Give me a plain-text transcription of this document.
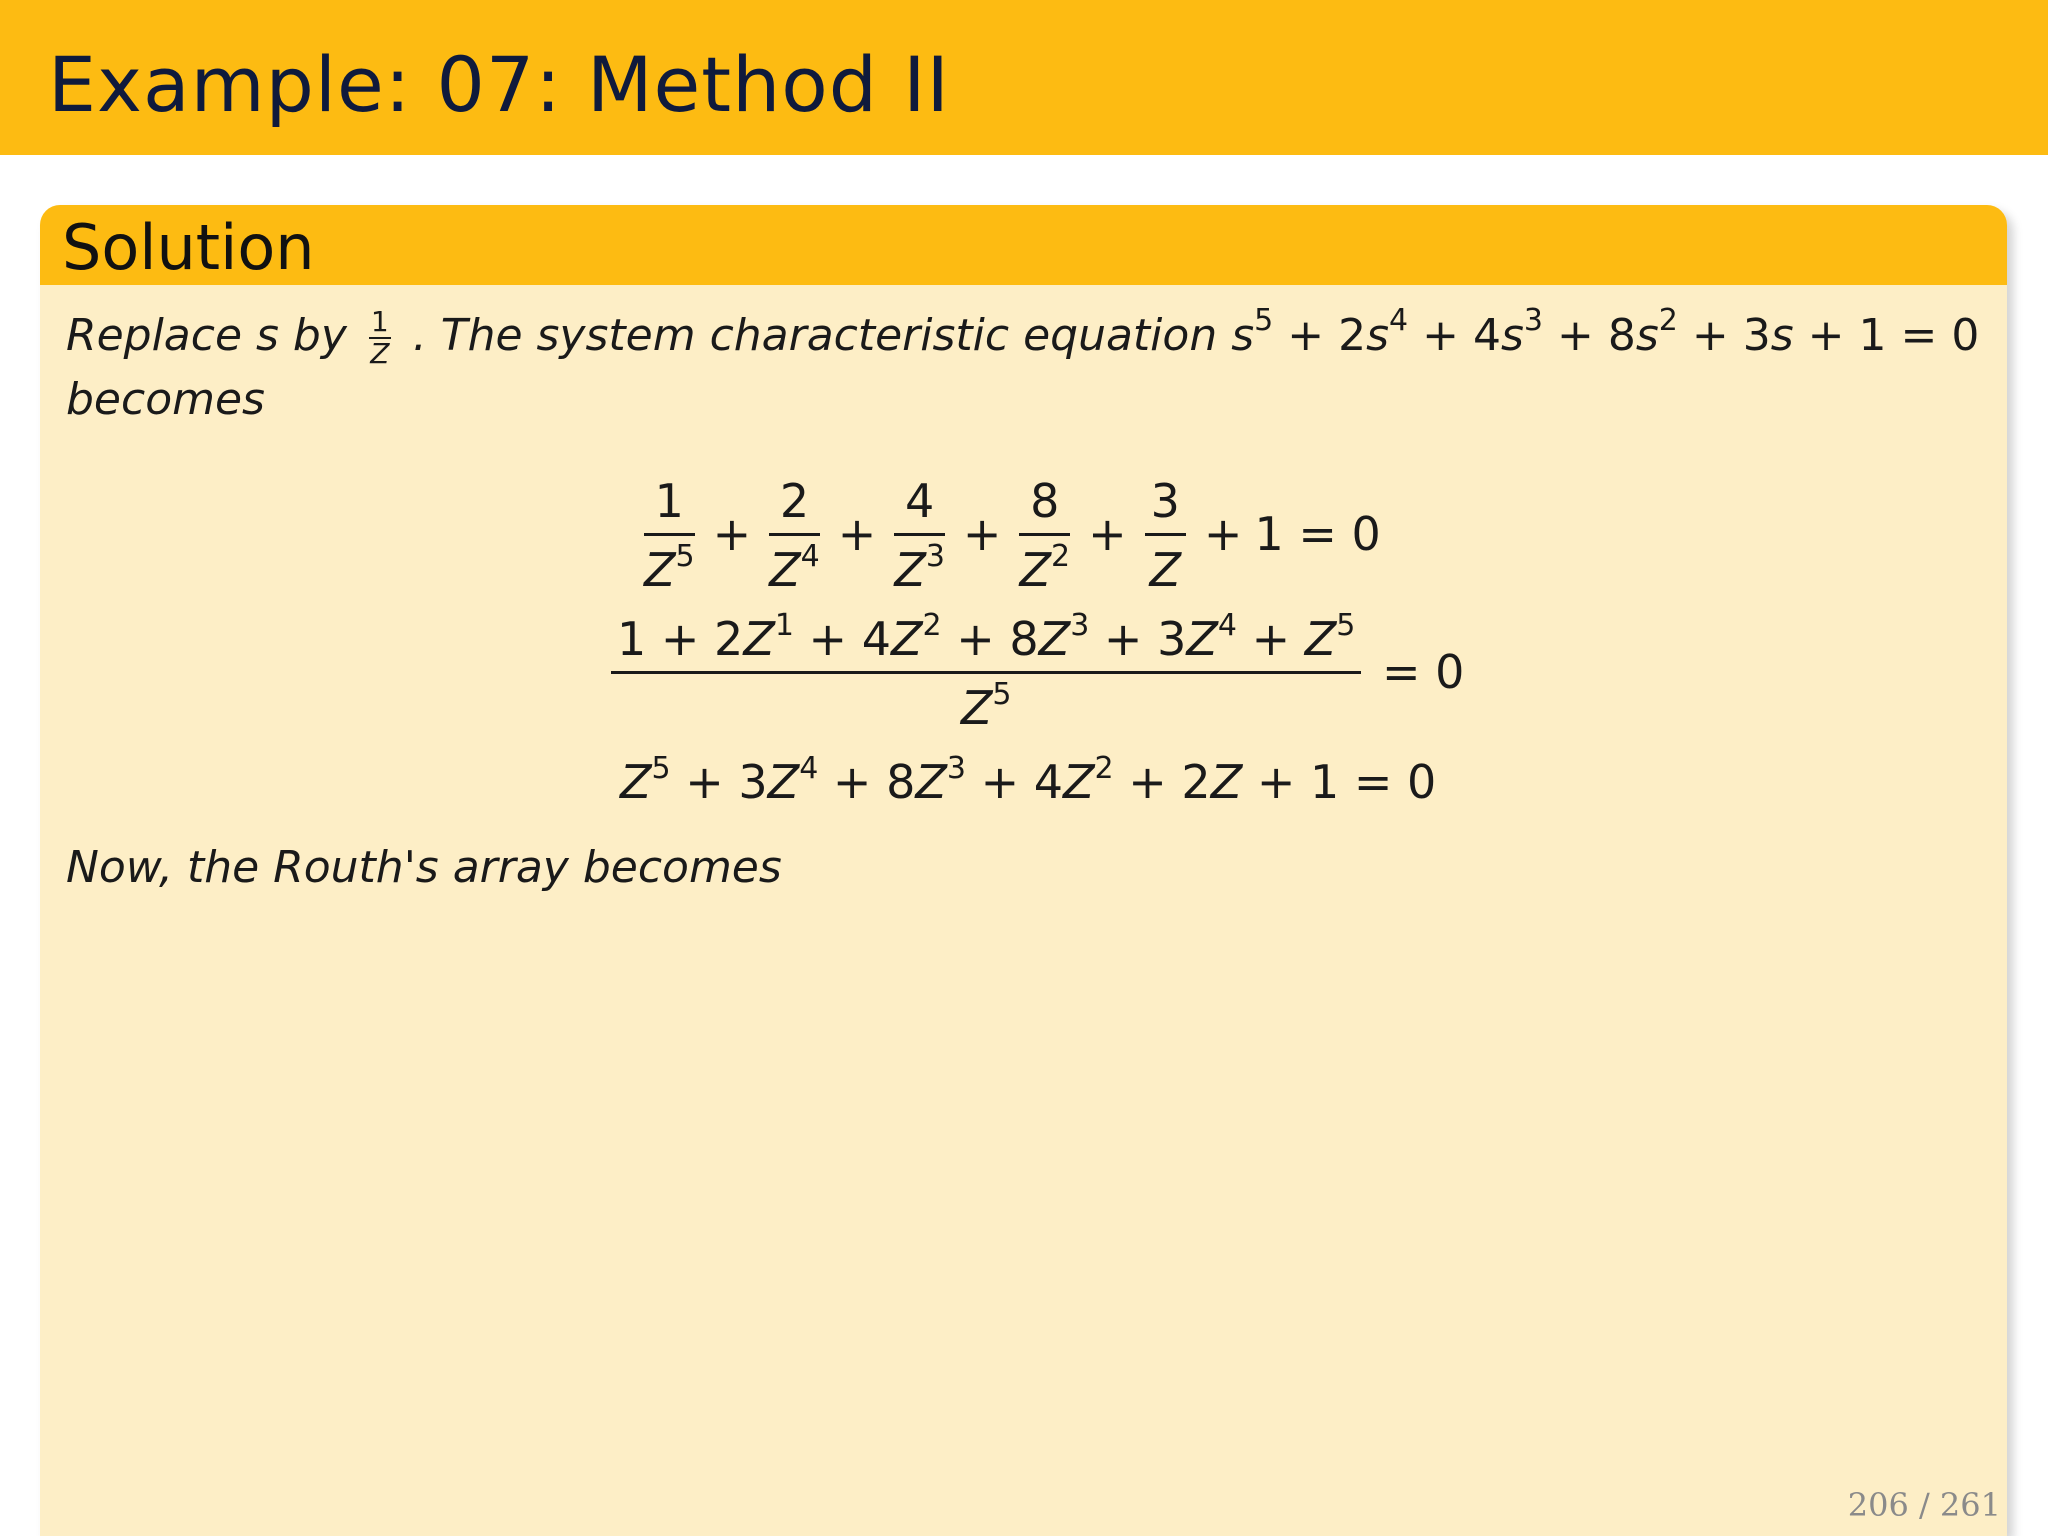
Example: 07: Method II
Solution
Replace s by $\frac{1}{Z}$ . The system characteristic equation $s^5 + 2s^4 + 4s^3 + 8s^2 + 3s + 1 = 0$
becomes
$\frac{1}{Z^5} + \frac{2}{Z^4} + \frac{4}{Z^3} + \frac{8}{Z^2} + \frac{3}{Z} + 1 = 0$
$\frac{1 + 2Z^1 + 4Z^2 + 8Z^3 + 3Z^4 + Z^5}{Z^5} = 0$
$Z^5 + 3Z^4 + 8Z^3 + 4Z^2 + 2Z + 1 = 0$
Now, the Routh's array becomes
206 / 261
